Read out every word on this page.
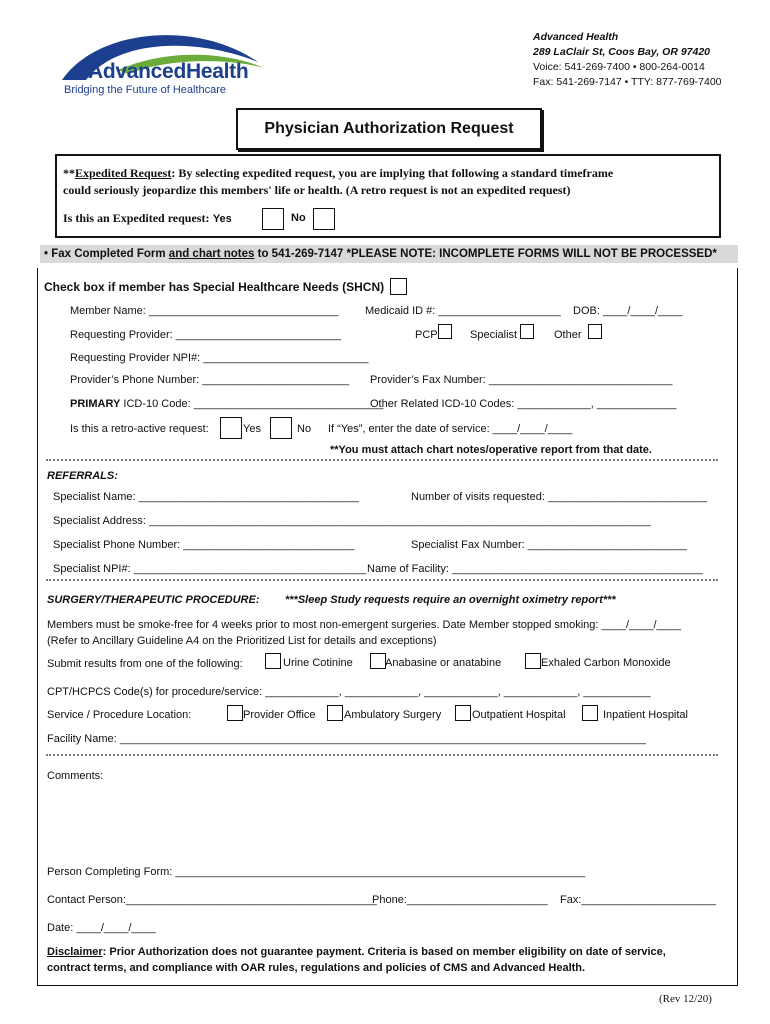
AdvancedHealth
Bridging the Future of Healthcare
Advanced Health
289 LaClair St, Coos Bay, OR 97420
Voice: 541-269-7400 • 800-264-0014
Fax: 541-269-7147 • TTY: 877-769-7400
Physician Authorization Request
**Expedited Request: By selecting expedited request, you are implying that following a standard timeframe
could seriously jeopardize this members' life or health. (A retro request is not an expedited request)
Is this an Expedited request: Yes	No
• Fax Completed Form and chart notes to 541-269-7147 *PLEASE NOTE: INCOMPLETE FORMS WILL NOT BE PROCESSED*
Check box if member has Special Healthcare Needs (SHCN)
Member Name: _______________________________ Medicaid ID #: ____________________ DOB: ____/____/____
Requesting Provider: ___________________________	PCP	Specialist	Other
Requesting Provider NPI#: ___________________________
Provider’s Phone Number: ________________________ Provider’s Fax Number: ______________________________
PRIMARY ICD-10 Code: _______________________________
Other Related ICD-10 Codes: ____________, _____________
Is this a retro-active request:	Yes	No If “Yes”, enter the date of service: ____/____/____
**You must attach chart notes/operative report from that date.
REFERRALS:
Specialist Name: ____________________________________	Number of visits requested: __________________________
Specialist Address: __________________________________________________________________________________
Specialist Phone Number: ____________________________	Specialist Fax Number: __________________________
Specialist NPI#: ______________________________________ Name of Facility: _________________________________________
SURGERY/THERAPEUTIC PROCEDURE: ***Sleep Study requests require an overnight oximetry report***
Members must be smoke-free for 4 weeks prior to most non-emergent surgeries. Date Member stopped smoking: ____/____/____
(Refer to Ancillary Guideline A4 on the Prioritized List for details and exceptions)
Submit results from one of the following:	Urine Cotinine	Anabasine or anatabine	Exhaled Carbon Monoxide
CPT/HCPCS Code(s) for procedure/service: ____________, ____________, ____________, ____________, ___________
Service / Procedure Location:	Provider Office	Ambulatory Surgery	Outpatient Hospital	Inpatient Hospital
Facility Name: ______________________________________________________________________________________
Comments:
Person Completing Form: ___________________________________________________________________
Contact Person:_________________________________________
Phone:_______________________ Fax:______________________
Date: ____/____/____
Disclaimer: Prior Authorization does not guarantee payment. Criteria is based on member eligibility on date of service,
contract terms, and compliance with OAR rules, regulations and policies of CMS and Advanced Health.
(Rev 12/20)
